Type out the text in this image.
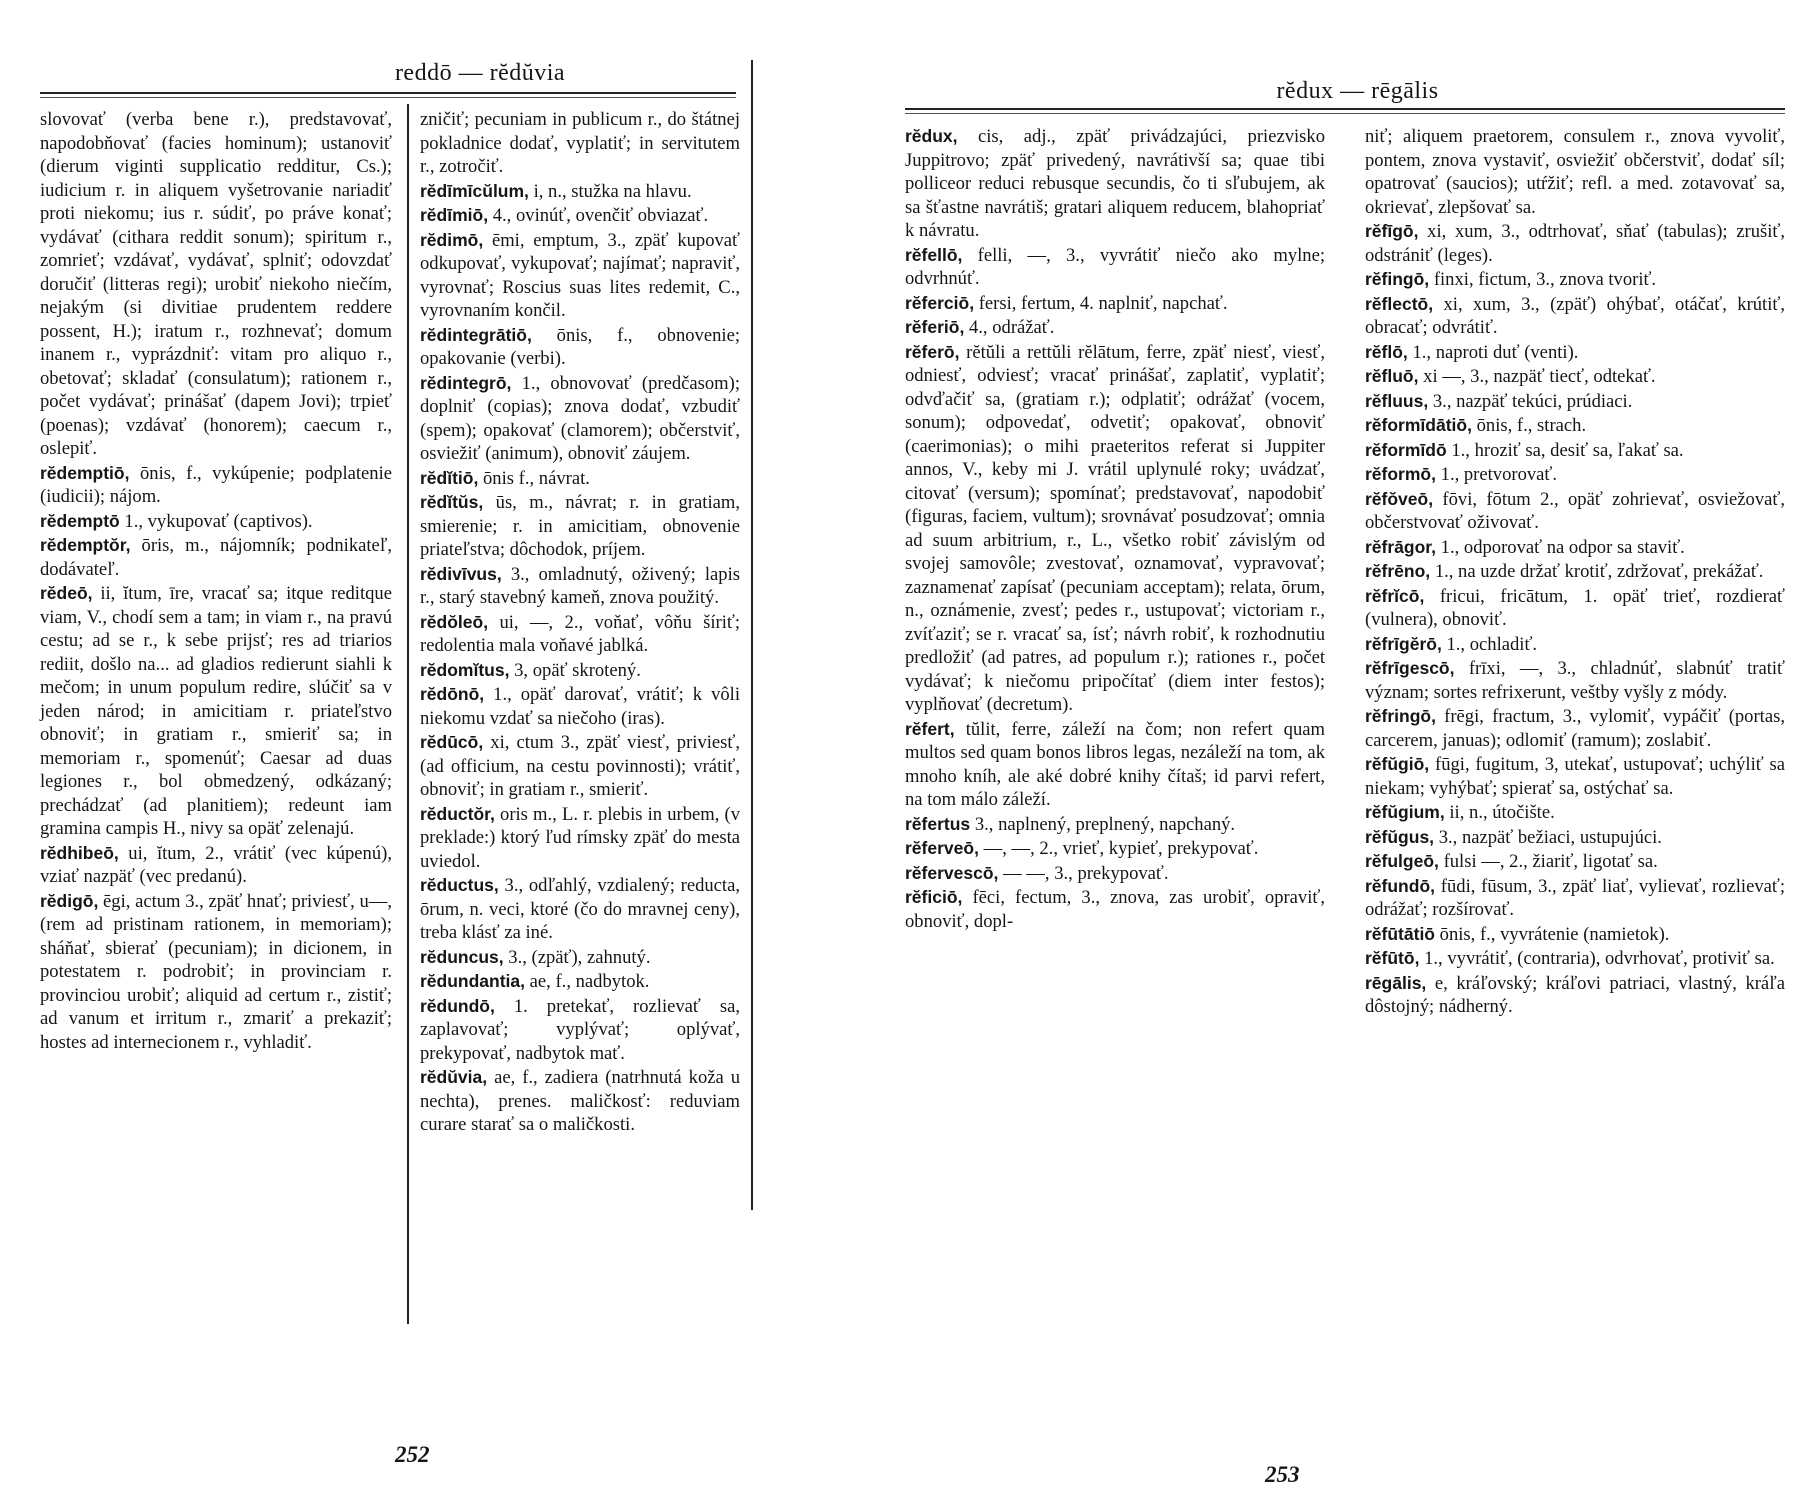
reddō — rĕdŭvia
slovovať (verba bene r.), predstavovať, napodobňovať (facies hominum); ustanoviť (dierum viginti supplicatio redditur, Cs.); iudicium r. in aliquem vyšetrovanie nariadiť proti niekomu; ius r. súdiť, po práve konať; vydávať (cithara reddit sonum); spiritum r., zomrieť; vzdávať, vydávať, splniť; odovzdať doručiť (litteras regi); urobiť niekoho niečím, nejakým (si divitiae prudentem reddere possent, H.); iratum r., rozhnevať; domum inanem r., vyprázdniť: vitam pro aliquo r., obetovať; skladať (consulatum); rationem r., počet vydávať; prinášať (dapem Jovi); trpieť (poenas); vzdávať (honorem); caecum r., oslepiť.
rĕdemptiō, ōnis, f., vykúpenie; podplatenie (iudicii); nájom.
rĕdemptō 1., vykupovať (captivos).
rĕdemptŏr, ōris, m., nájomník; podnikateľ, dodávateľ.
rĕdeō, ii, ĭtum, īre, vracať sa; itque reditque viam, V., chodí sem a tam; in viam r., na pravú cestu; ad se r., k sebe prijsť; res ad triarios rediit, došlo na... ad gladios redierunt siahli k mečom; in unum populum redire, slúčiť sa v jeden národ; in amicitiam r. priateľstvo obnoviť; in gratiam r., smieriť sa; in memoriam r., spomenúť; Caesar ad duas legiones r., bol obmedzený, odkázaný; prechádzať (ad planitiem); redeunt iam gramina campis H., nivy sa opäť zelenajú.
rĕdhibeō, ui, ĭtum, 2., vrátiť (vec kúpenú), vziať nazpäť (vec predanú).
rĕdigō, ēgi, actum 3., zpäť hnať; priviesť, u—, (rem ad pristinam rationem, in memoriam); sháňať, sbierať (pecuniam); in dicionem, in potestatem r. podrobiť; in provinciam r. provinciou urobiť; aliquid ad certum r., zistiť; ad vanum et irritum r., zmariť a prekaziť; hostes ad internecionem r., vyhladiť.
zničiť; pecuniam in publicum r., do štátnej pokladnice dodať, vyplatiť; in servitutem r., zotročiť.
rĕdīmīcŭlum, i, n., stužka na hlavu.
rĕdīmiō, 4., ovinúť, ovenčiť obviazať.
rĕdimō, ēmi, emptum, 3., zpäť kupovať odkupovať, vykupovať; najímať; napraviť, vyrovnať; Roscius suas lites redemit, C., vyrovnaním končil.
rĕdintegrātiō, ōnis, f., obnovenie; opakovanie (verbi).
rĕdintegrō, 1., obnovovať (predčasom); doplniť (copias); znova dodať, vzbudiť (spem); opakovať (clamorem); občerstviť, osviežiť (animum), obnoviť záujem.
rĕdĭtiō, ōnis f., návrat.
rĕdĭtŭs, ūs, m., návrat; r. in gratiam, smierenie; r. in amicitiam, obnovenie priateľstva; dôchodok, príjem.
rĕdivīvus, 3., omladnutý, oživený; lapis r., starý stavebný kameň, znova použitý.
rĕdŏleō, ui, —, 2., voňať, vôňu šíriť; redolentia mala voňavé jablká.
rĕdomĭtus, 3, opäť skrotený.
rĕdōnō, 1., opäť darovať, vrátiť; k vôli niekomu vzdať sa niečoho (iras).
rĕdūcō, xi, ctum 3., zpäť viesť, priviesť, (ad officium, na cestu povinnosti); vrátiť, obnoviť; in gratiam r., smieriť.
rĕductŏr, oris m., L. r. plebis in urbem, (v preklade:) ktorý ľud rímsky zpäť do mesta uviedol.
rĕductus, 3., odľahlý, vzdialený; reducta, ōrum, n. veci, ktoré (čo do mravnej ceny), treba klásť za iné.
rĕduncus, 3., (zpäť), zahnutý.
rĕdundantia, ae, f., nadbytok.
rĕdundō, 1. pretekať, rozlievať sa, zaplavovať; vyplývať; oplývať, prekypovať, nadbytok mať.
rĕdŭvia, ae, f., zadiera (natrhnutá koža u nechta), prenes. maličkosť: reduviam curare starať sa o maličkosti.
252
rĕdux — rēgālis
rĕdux, cis, adj., zpäť privádzajúci, priezvisko Juppitrovo; zpäť privedený, navrátivší sa; quae tibi polliceor reduci rebusque secundis, čo ti sľubujem, ak sa šťastne navrátiš; gratari aliquem reducem, blahopriať k návratu.
rĕfellō, felli, —, 3., vyvrátiť niečo ako mylne; odvrhnúť.
rĕferciō, fersi, fertum, 4. naplniť, napchať.
rĕferiō, 4., odrážať.
rĕferō, rĕtŭli a rettŭli rĕlātum, ferre, zpäť niesť, viesť, odniesť, odviesť; vracať prinášať, zaplatiť, vyplatiť; odvďačiť sa, (gratiam r.); odplatiť; odrážať (vocem, sonum); odpovedať, odvetiť; opakovať, obnoviť (caerimonias); o mihi praeteritos referat si Juppiter annos, V., keby mi J. vrátil uplynulé roky; uvádzať, citovať (versum); spomínať; predstavovať, napodobiť (figuras, faciem, vultum); srovnávať posudzovať; omnia ad suum arbitrium, r., L., všetko robiť závislým od svojej samovôle; zvestovať, oznamovať, vypravovať; zaznamenať zapísať (pecuniam acceptam); relata, ōrum, n., oznámenie, zvesť; pedes r., ustupovať; victoriam r., zvíťaziť; se r. vracať sa, ísť; návrh robiť, k rozhodnutiu predložiť (ad patres, ad populum r.); rationes r., počet vydávať; k niečomu pripočítať (diem inter festos); vyplňovať (decretum).
rĕfert, tŭlit, ferre, záleží na čom; non refert quam multos sed quam bonos libros legas, nezáleží na tom, ak mnoho kníh, ale aké dobré knihy čítaš; id parvi refert, na tom málo záleží.
rĕfertus 3., naplnený, preplnený, napchaný.
rĕferveō, —, —, 2., vrieť, kypieť, prekypovať.
rĕfervescō, — —, 3., prekypovať.
rĕficiō, fēci, fectum, 3., znova, zas urobiť, opraviť, obnoviť, dopl-
niť; aliquem praetorem, consulem r., znova vyvoliť, pontem, znova vystaviť, osviežiť občerstviť, dodať síl; opatrovať (saucios); utŕžiť; refl. a med. zotavovať sa, okrievať, zlepšovať sa.
rĕfīgō, xi, xum, 3., odtrhovať, sňať (tabulas); zrušiť, odstrániť (leges).
rĕfingō, finxi, fictum, 3., znova tvoriť.
rĕflectō, xi, xum, 3., (zpäť) ohýbať, otáčať, krútiť, obracať; odvrátiť.
rĕflō, 1., naproti duť (venti).
rĕfluō, xi —, 3., nazpäť tiecť, odtekať.
rĕfluus, 3., nazpäť tekúci, prúdiaci.
rĕformīdātiō, ōnis, f., strach.
rĕformīdō 1., hroziť sa, desiť sa, ľakať sa.
rĕformō, 1., pretvorovať.
rĕfŏveō, fōvi, fōtum 2., opäť zohrievať, osviežovať, občerstvovať oživovať.
rĕfrāgor, 1., odporovať na odpor sa staviť.
rĕfrēno, 1., na uzde držať krotiť, zdržovať, prekážať.
rĕfrĭcō, fricui, fricātum, 1. opäť trieť, rozdierať (vulnera), obnoviť.
rĕfrīgĕrō, 1., ochladiť.
rĕfrīgescō, frīxi, —, 3., chladnúť, slabnúť tratiť význam; sortes refrixerunt, veštby vyšly z módy.
rĕfringō, frēgi, fractum, 3., vylomiť, vypáčiť (portas, carcerem, januas); odlomiť (ramum); zoslabiť.
rĕfŭgiō, fūgi, fugitum, 3, utekať, ustupovať; uchýliť sa niekam; vyhýbať; spierať sa, ostýchať sa.
rĕfŭgium, ii, n., útočište.
rĕfŭgus, 3., nazpäť bežiaci, ustupujúci.
rĕfulgeō, fulsi —, 2., žiariť, ligotať sa.
rĕfundō, fūdi, fūsum, 3., zpäť liať, vylievať, rozlievať; odrážať; rozšírovať.
rĕfūtātiō ōnis, f., vyvrátenie (namietok).
rĕfūtō, 1., vyvrátiť, (contraria), odvrhovať, protiviť sa.
rēgālis, e, kráľovský; kráľovi patriaci, vlastný, kráľa dôstojný; nádherný.
253
